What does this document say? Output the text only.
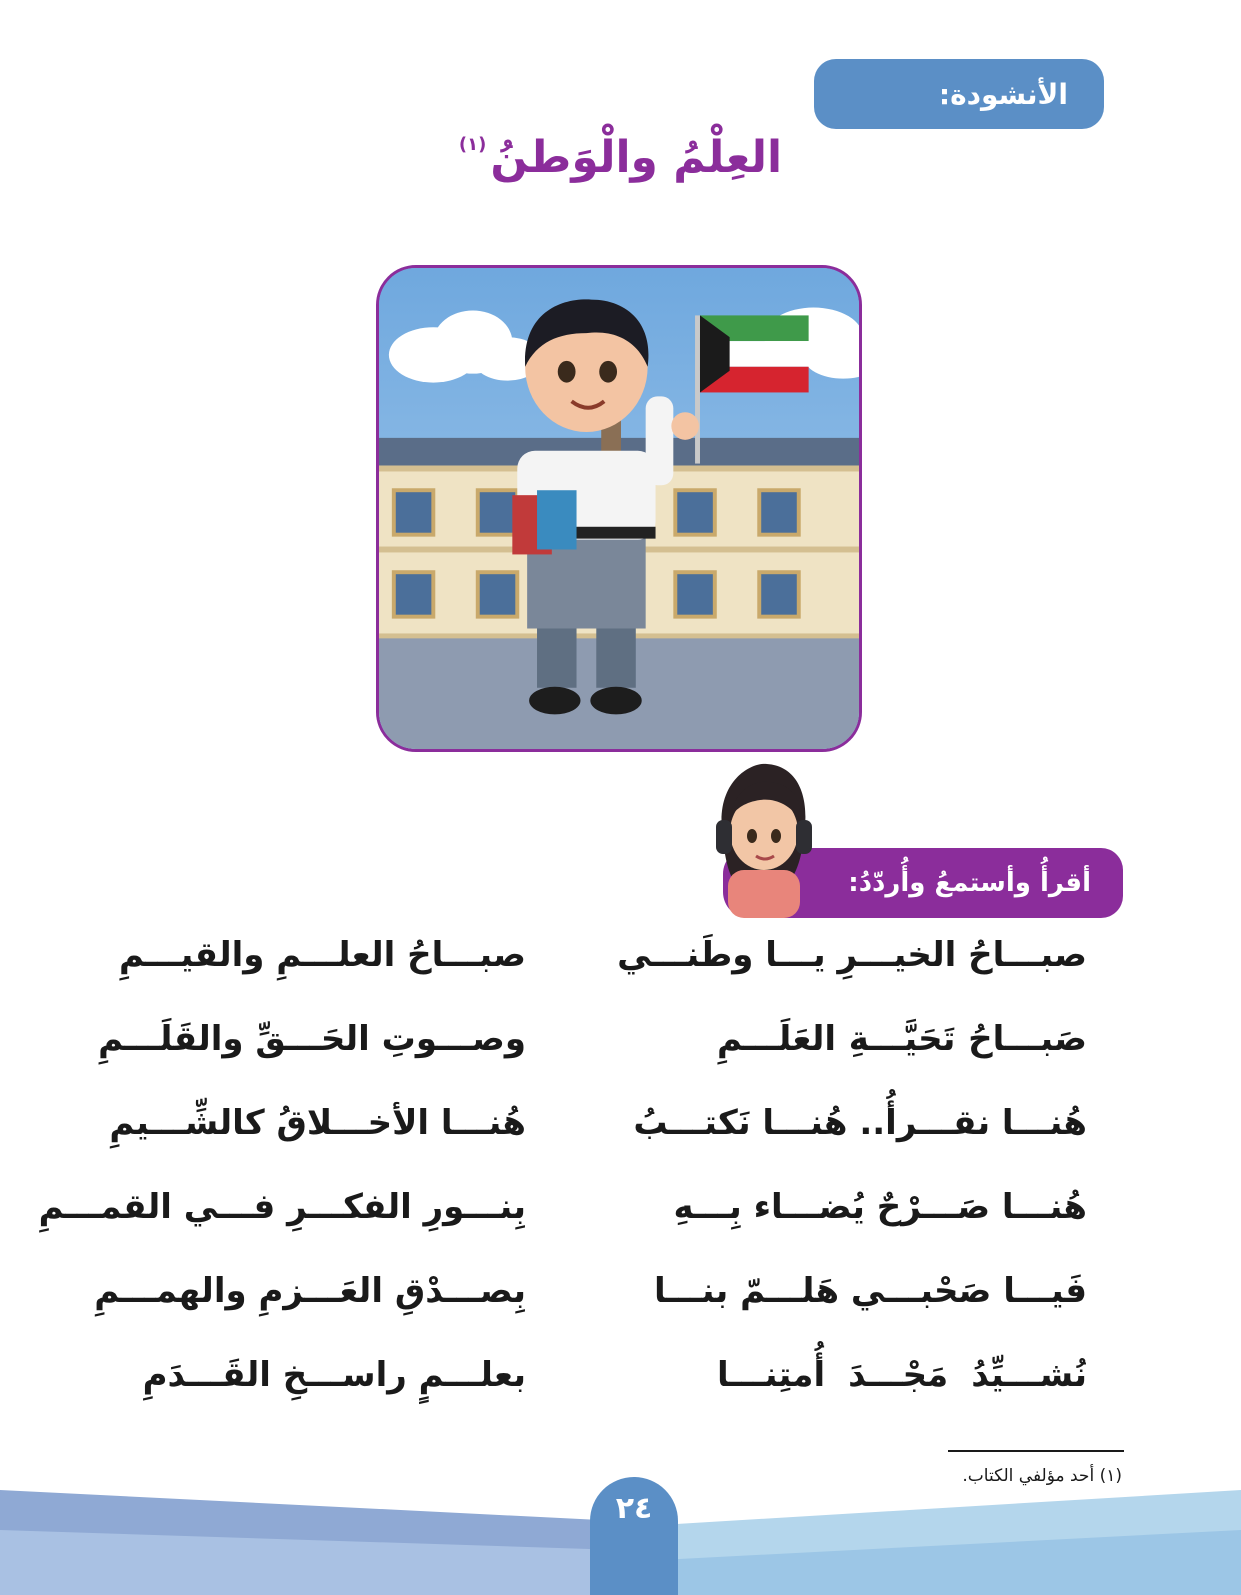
الأنشودة:
العِلْمُ والْوَطنُ$^{(١)}$
أقرأُ وأستمعُ وأُردّدُ:
صبـــاحُ الخيـــرِ يـــا وطَنـــي
صبـــاحُ العلـــمِ والقيـــمِ
صَبـــاحُ تَحَيَّـــةِ العَلَـــمِ
وصـــوتِ الحَـــقِّ والقَلَـــمِ
هُنـــا نقـــرأُ.. هُنـــا نَكتـــبُ
هُنـــا الأخـــلاقُ كالشِّـــيمِ
هُنـــا صَـــرْحٌ يُضـــاء بِـــهِ
بِنـــورِ الفكـــرِ فـــي القمـــمِ
فَيـــا صَحْبـــي هَلـــمّ بنـــا
بِصـــدْقِ العَـــزمِ والهمـــمِ
نُشـــيِّدُ مَجْـــدَ أُمتِنـــا
بعلـــمٍ راســـخِ القَـــدَمِ
(١) أحد مؤلفي الكتاب.
٢٤
